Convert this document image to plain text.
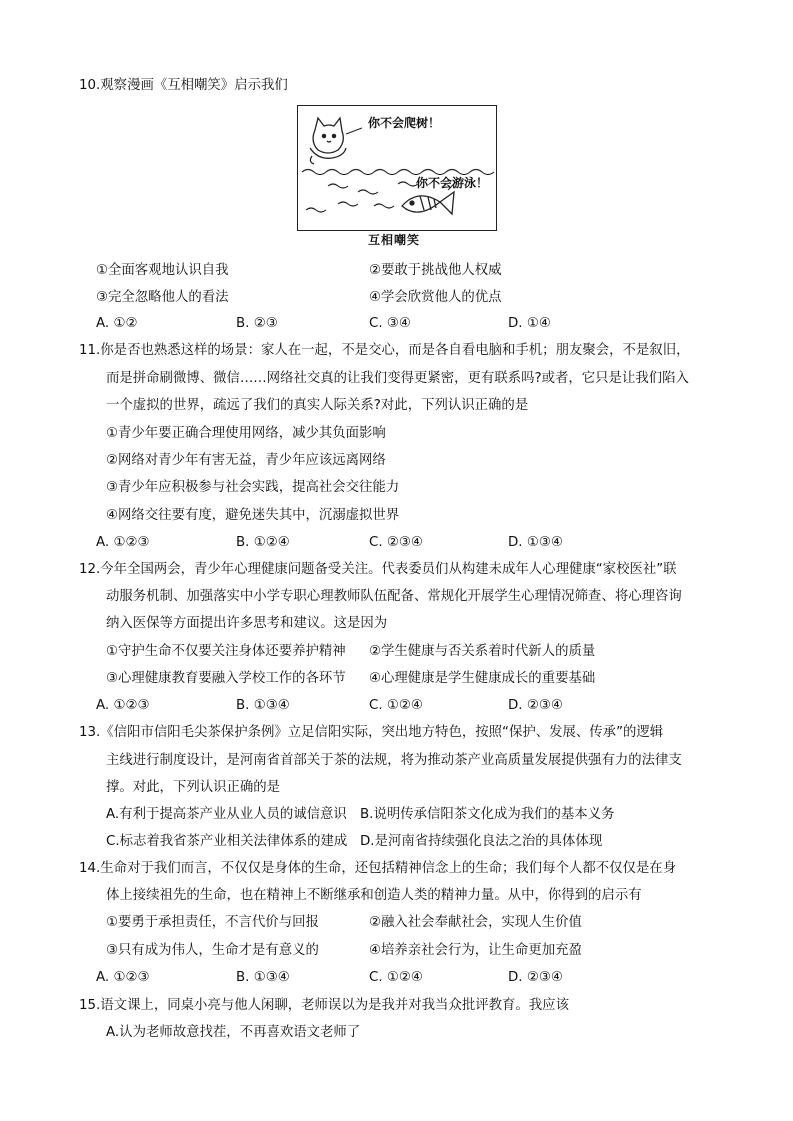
10.观察漫画《互相嘲笑》启示我们
你不会爬树！
你不会游泳！
互相嘲笑
①全面客观地认识自我	②要敢于挑战他人权威
③完全忽略他人的看法	④学会欣赏他人的优点
A. ①②	B. ②③	C. ③④	D. ①④
11.你是否也熟悉这样的场景：家人在一起，不是交心，而是各自看电脑和手机；朋友聚会，不是叙旧，
而是拼命刷微博、微信……网络社交真的让我们变得更紧密，更有联系吗?或者，它只是让我们陷入
一个虚拟的世界，疏远了我们的真实人际关系?对此，下列认识正确的是
①青少年要正确合理使用网络，减少其负面影响
②网络对青少年有害无益，青少年应该远离网络
③青少年应积极参与社会实践，提高社会交往能力
④网络交往要有度，避免迷失其中，沉溺虚拟世界
A. ①②③	B. ①②④	C. ②③④	D. ①③④
12.今年全国两会，青少年心理健康问题备受关注。代表委员们从构建未成年人心理健康“家校医社”联
动服务机制、加强落实中小学专职心理教师队伍配备、常规化开展学生心理情况筛查、将心理咨询
纳入医保等方面提出许多思考和建议。这是因为
①守护生命不仅要关注身体还要养护精神 ②学生健康与否关系着时代新人的质量
③心理健康教育要融入学校工作的各环节 ④心理健康是学生健康成长的重要基础
A. ①②③	B. ①③④	C. ①②④	D. ②③④
13.《信阳市信阳毛尖茶保护条例》立足信阳实际，突出地方特色，按照“保护、发展、传承”的逻辑
主线进行制度设计，是河南省首部关于茶的法规，将为推动茶产业高质量发展提供强有力的法律支
撑。对此，下列认识正确的是
A.有利于提高茶产业从业人员的诚信意识 B.说明传承信阳茶文化成为我们的基本义务
C.标志着我省茶产业相关法律体系的建成 D.是河南省持续强化良法之治的具体体现
14.生命对于我们而言，不仅仅是身体的生命，还包括精神信念上的生命；我们每个人都不仅仅是在身
体上接续祖先的生命，也在精神上不断继承和创造人类的精神力量。从中，你得到的启示有
①要勇于承担责任，不言代价与回报	②融入社会奉献社会，实现人生价值
③只有成为伟人，生命才是有意义的	④培养亲社会行为，让生命更加充盈
A. ①②③	B. ①③④	C. ①②④	D. ②③④
15.语文课上，同桌小亮与他人闲聊，老师误以为是我并对我当众批评教育。我应该
A.认为老师故意找茬，不再喜欢语文老师了
